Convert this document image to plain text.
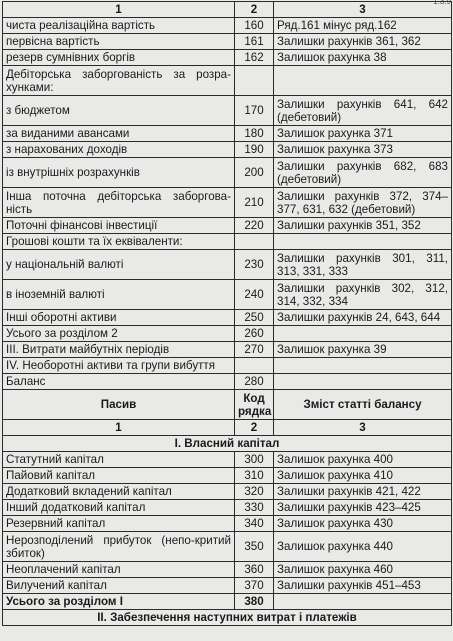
1.3.9
1	2	3
чиста реалізаційна вартість	160	Ряд.161 мінус ряд.162
первісна вартість	161	Залишки рахунків 361, 362
резерв сумнівних боргів	162	Залишок рахунка 38
Дебіторська заборгованість за розра-хунками:		
з бюджетом	170	Залишки рахунків 641, 642 (дебетовий)
за виданими авансами	180	Залишок рахунка 371
з нарахованих доходів	190	Залишок рахунка 373
із внутрішніх розрахунків	200	Залишки рахунків 682, 683 (дебетовий)
Інша поточна дебіторська заборгова-ність	210	Залишки рахунків 372, 374–377, 631, 632 (дебетовий)
Поточні фінансові інвестиції	220	Залишки рахунків 351, 352
Грошові кошти та їх еквіваленти:		
у національній валюті	230	Залишки рахунків 301, 311, 313, 331, 333
в іноземній валюті	240	Залишки рахунків 302, 312, 314, 332, 334
Інші оборотні активи	250	Залишки рахунків 24, 643, 644
Усього за розділом 2	260	
ІІІ. Витрати майбутніх періодів	270	Залишок рахунка 39
IV. Необоротні активи та групи вибуття		
Баланс	280	
Пасив	Код рядка	Зміст статті балансу
1	2	3
І. Власний капітал		
Статутний капітал	300	Залишок рахунка 400
Пайовий капітал	310	Залишок рахунка 410
Додатковий вкладений капітал	320	Залишки рахунків 421, 422
Інший додатковий капітал	330	Залишки рахунків 423–425
Резервний капітал	340	Залишок рахунка 430
Нерозподілений прибуток (непо-критий збиток)	350	Залишок рахунка 440
Неоплачений капітал	360	Залишок рахунка 460
Вилучений капітал	370	Залишки рахунків 451–453
Усього за розділом І	380	
ІІ. Забезпечення наступних витрат і платежів		
